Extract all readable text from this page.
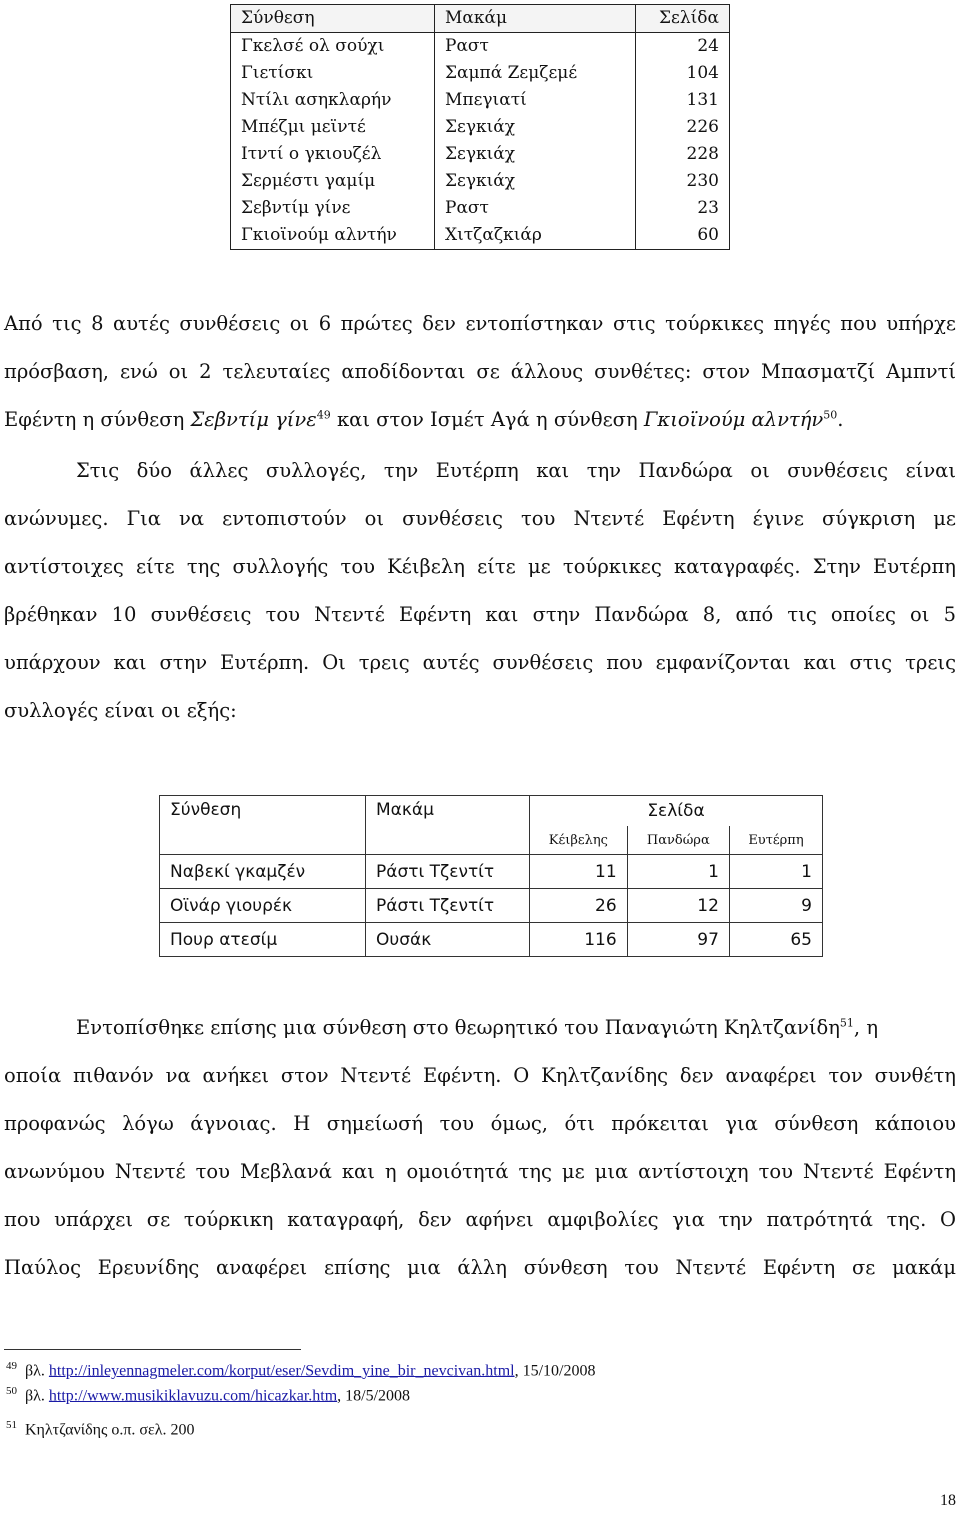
Σύνθεση	Μακάμ	Σελίδα
Γκελσέ ολ σούχι	Ραστ	24
Γιετίσκι	Σαμπά Ζεμζεμέ	104
Ντίλι ασηκλαρήν	Μπεγιατί	131
Μπέζμι μεϊντέ	Σεγκιάχ	226
Ιτντί ο γκιουζέλ	Σεγκιάχ	228
Σερμέστι γαμίμ	Σεγκιάχ	230
Σεβντίμ γίνε	Ραστ	23
Γκιοϊνούμ αλντήν	Χιτζαζκιάρ	60
Από τις 8 αυτές συνθέσεις οι 6 πρώτες δεν εντοπίστηκαν στις τούρκικες πηγές που υπήρχε
πρόσβαση, ενώ οι 2 τελευταίες αποδίδονται σε άλλους συνθέτες: στον Μπασματζί Αμπντί
Εφέντη η σύνθεση Σεβντίμ γίνε$^{49}$ και στον Ισμέτ Αγά η σύνθεση Γκιοϊνούμ αλντήν$^{50}$.
Στις δύο άλλες συλλογές, την Ευτέρπη και την Πανδώρα οι συνθέσεις είναι
ανώνυμες. Για να εντοπιστούν οι συνθέσεις του Ντεντέ Εφέντη έγινε σύγκριση με
αντίστοιχες είτε της συλλογής του Κέιβελη είτε με τούρκικες καταγραφές. Στην Ευτέρπη
βρέθηκαν 10 συνθέσεις του Ντεντέ Εφέντη και στην Πανδώρα 8, από τις οποίες οι 5
υπάρχουν και στην Ευτέρπη. Οι τρεις αυτές συνθέσεις που εμφανίζονται και στις τρεις
συλλογές είναι οι εξής:
Σύνθεση	Μακάμ	Σελίδα		
		Κέιβελης	Πανδώρα	Ευτέρπη
Ναβεκί γκαμζέν	Ράστι Τζεντίτ	11	1	1
Οϊνάρ γιουρέκ	Ράστι Τζεντίτ	26	12	9
Πουρ ατεσίμ	Ουσάκ	116	97	65
Εντοπίσθηκε επίσης μια σύνθεση στο θεωρητικό του Παναγιώτη Κηλτζανίδη$^{51}$, η
οποία πιθανόν να ανήκει στον Ντεντέ Εφέντη. Ο Κηλτζανίδης δεν αναφέρει τον συνθέτη
προφανώς λόγω άγνοιας. Η σημείωσή του όμως, ότι πρόκειται για σύνθεση κάποιου
ανωνύμου Ντεντέ του Μεβλανά και η ομοιότητά της με μια αντίστοιχη του Ντεντέ Εφέντη
που υπάρχει σε τούρκικη καταγραφή, δεν αφήνει αμφιβολίες για την πατρότητά της. Ο
Παύλος Ερευνίδης αναφέρει επίσης μια άλλη σύνθεση του Ντεντέ Εφέντη σε μακάμ
$^{49}$ βλ. http://inleyennagmeler.com/korput/eser/Sevdim_yine_bir_nevcivan.html, 15/10/2008
$^{50}$ βλ. http://www.musikiklavuzu.com/hicazkar.htm, 18/5/2008
$^{51}$ Κηλτζανίδης ο.π. σελ. 200
18
